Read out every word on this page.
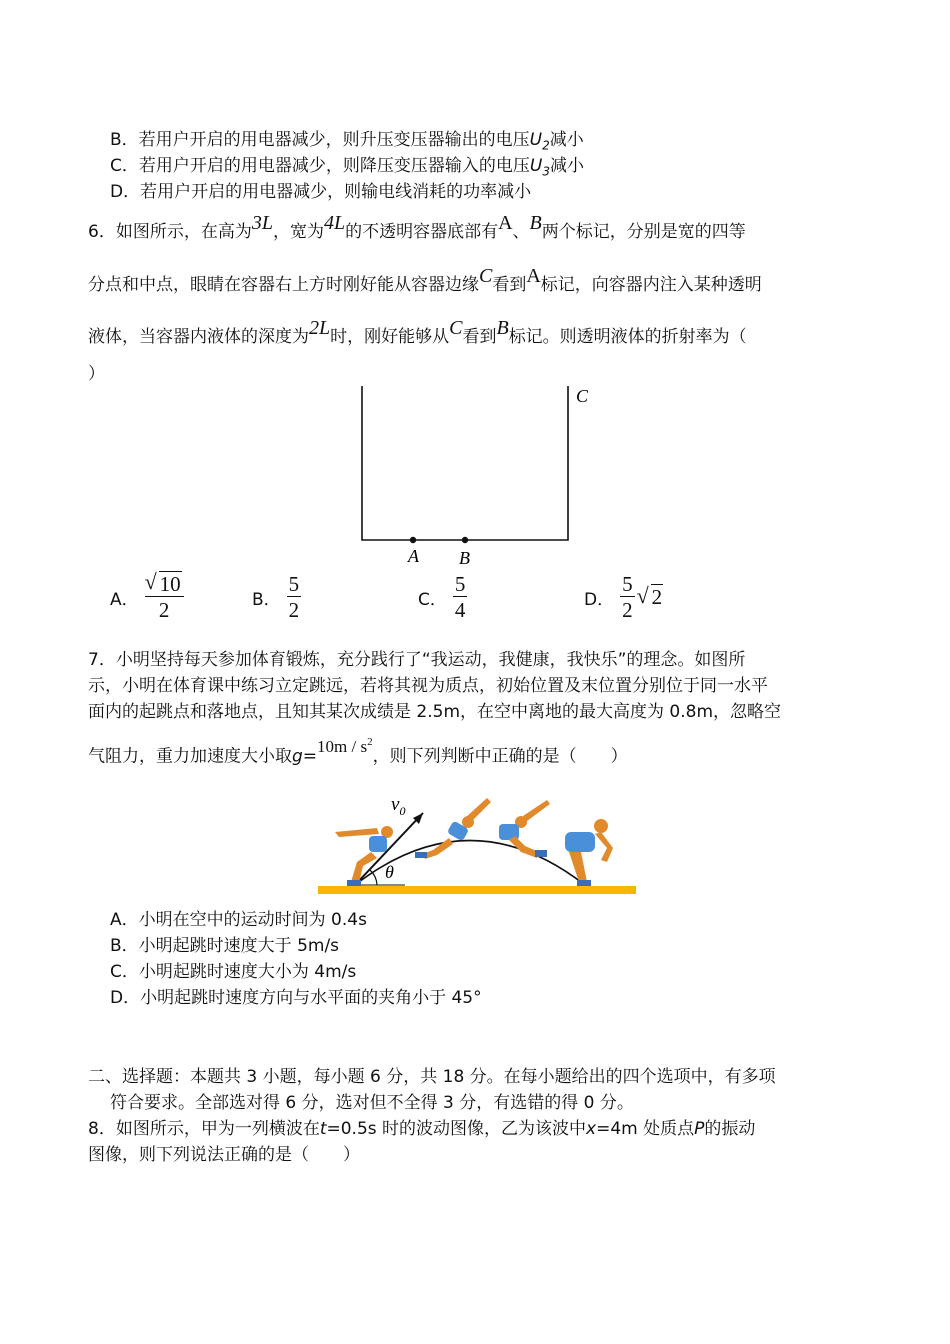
B．若用户开启的用电器减少，则升压变压器输出的电压$U_2$减小
C．若用户开启的用电器减少，则降压变压器输入的电压$U_3$减小
D．若用户开启的用电器减少，则输电线消耗的功率减小
6．如图所示，在高为3L，宽为4L的不透明容器底部有A、B两个标记，分别是宽的四等
分点和中点，眼睛在容器右上方时刚好能从容器边缘C看到A标记，向容器内注入某种透明
液体，当容器内液体的深度为2L时，刚好能够从C看到B标记。则透明液体的折射率为（
）
C
A B
A． √ $\frac{10}{2}$	B． $\frac{5}{2}$	C． $\frac{5}{4}$	D． $\frac{5}{2}$ √ 2
7．小明坚持每天参加体育锻炼，充分践行了“我运动，我健康，我快乐”的理念。如图所
示，小明在体育课中练习立定跳远，若将其视为质点，初始位置及末位置分别位于同一水平
面内的起跳点和落地点，且知其某次成绩是 2.5m，在空中离地的最大高度为 0.8m，忽略空
气阻力，重力加速度大小取$g=10m / s^2$，则下列判断中正确的是（　　）
$v_0$
θ
A．小明在空中的运动时间为 0.4s
B．小明起跳时速度大于 5m/s
C．小明起跳时速度大小为 4m/s
D．小明起跳时速度方向与水平面的夹角小于 45°
二、选择题：本题共 3 小题，每小题 6 分，共 18 分。在每小题给出的四个选项中，有多项
符合要求。全部选对得 6 分，选对但不全得 3 分，有选错的得 0 分。
8．如图所示，甲为一列横波在t=0.5s 时的波动图像，乙为该波中x=4m 处质点P的振动
图像，则下列说法正确的是（　　）
